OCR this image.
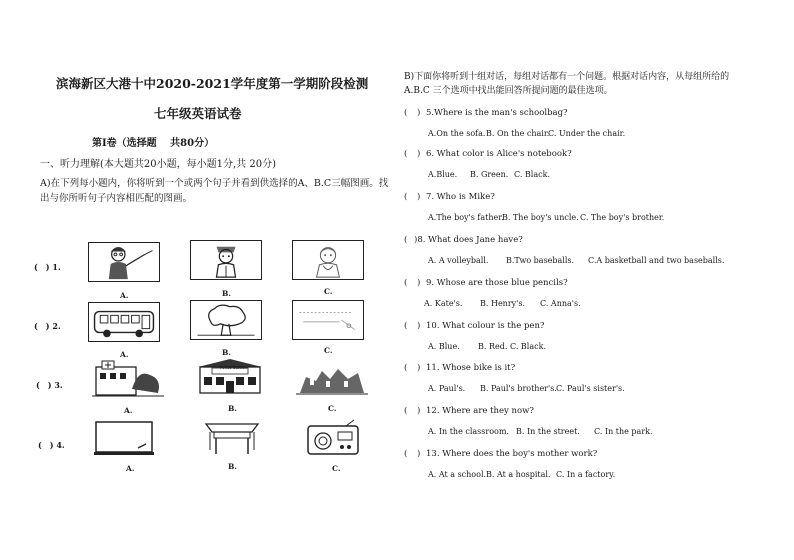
滨海新区大港十中2020-2021学年度第一学期阶段检测
七年级英语试卷
第Ⅰ卷（选择题　 共80分）
一、听力理解(本大题共20小题，每小题1分,共 20分)
A)在下列每小题内，你将听到一个或两个句子并看到供选择的A、B.C三幅图画。找出与你所听句子内容相匹配的图画。
(　) 1.
A.	B.	C.
(　) 2.
A.	B.	C.
(　) 3.
A.
Police Station
B.	C.
(　) 4.
A.	B.	C.
B)下面你将听到十组对话，每组对话都有一个问题。根据对话内容，从每组所给的
A.B.C 三个选项中找出能回答所提问题的最佳选项。
( ) 5.Where is the man's schoolbag?
A.On the sofa. B. On the chair.
C. Under the chair.
( ) 6. What color is Alice's notebook?
A.Blue. B. Green. C. Black.
( ) 7. Who is Mike?
A.The boy's father.
B. The boy's uncle. C. The boy's brother.
( )8. What does Jane have?
A. A volleyball. B.Two baseballs. C.A basketball and two baseballs.
( ) 9. Whose are those blue pencils?
A. Kate's. B. Henry's. C. Anna's.
( ) 10. What colour is the pen?
A. Blue. B. Red. C. Black.
( ) 11. Whose bike is it?
A. Paul's. B. Paul's brother's. C. Paul's sister's.
( ) 12. Where are they now?
A. In the classroom. B. In the street. C. In the park.
( ) 13. Where does the boy's mother work?
A. At a school. B. At a hospital. C. In a factory.
